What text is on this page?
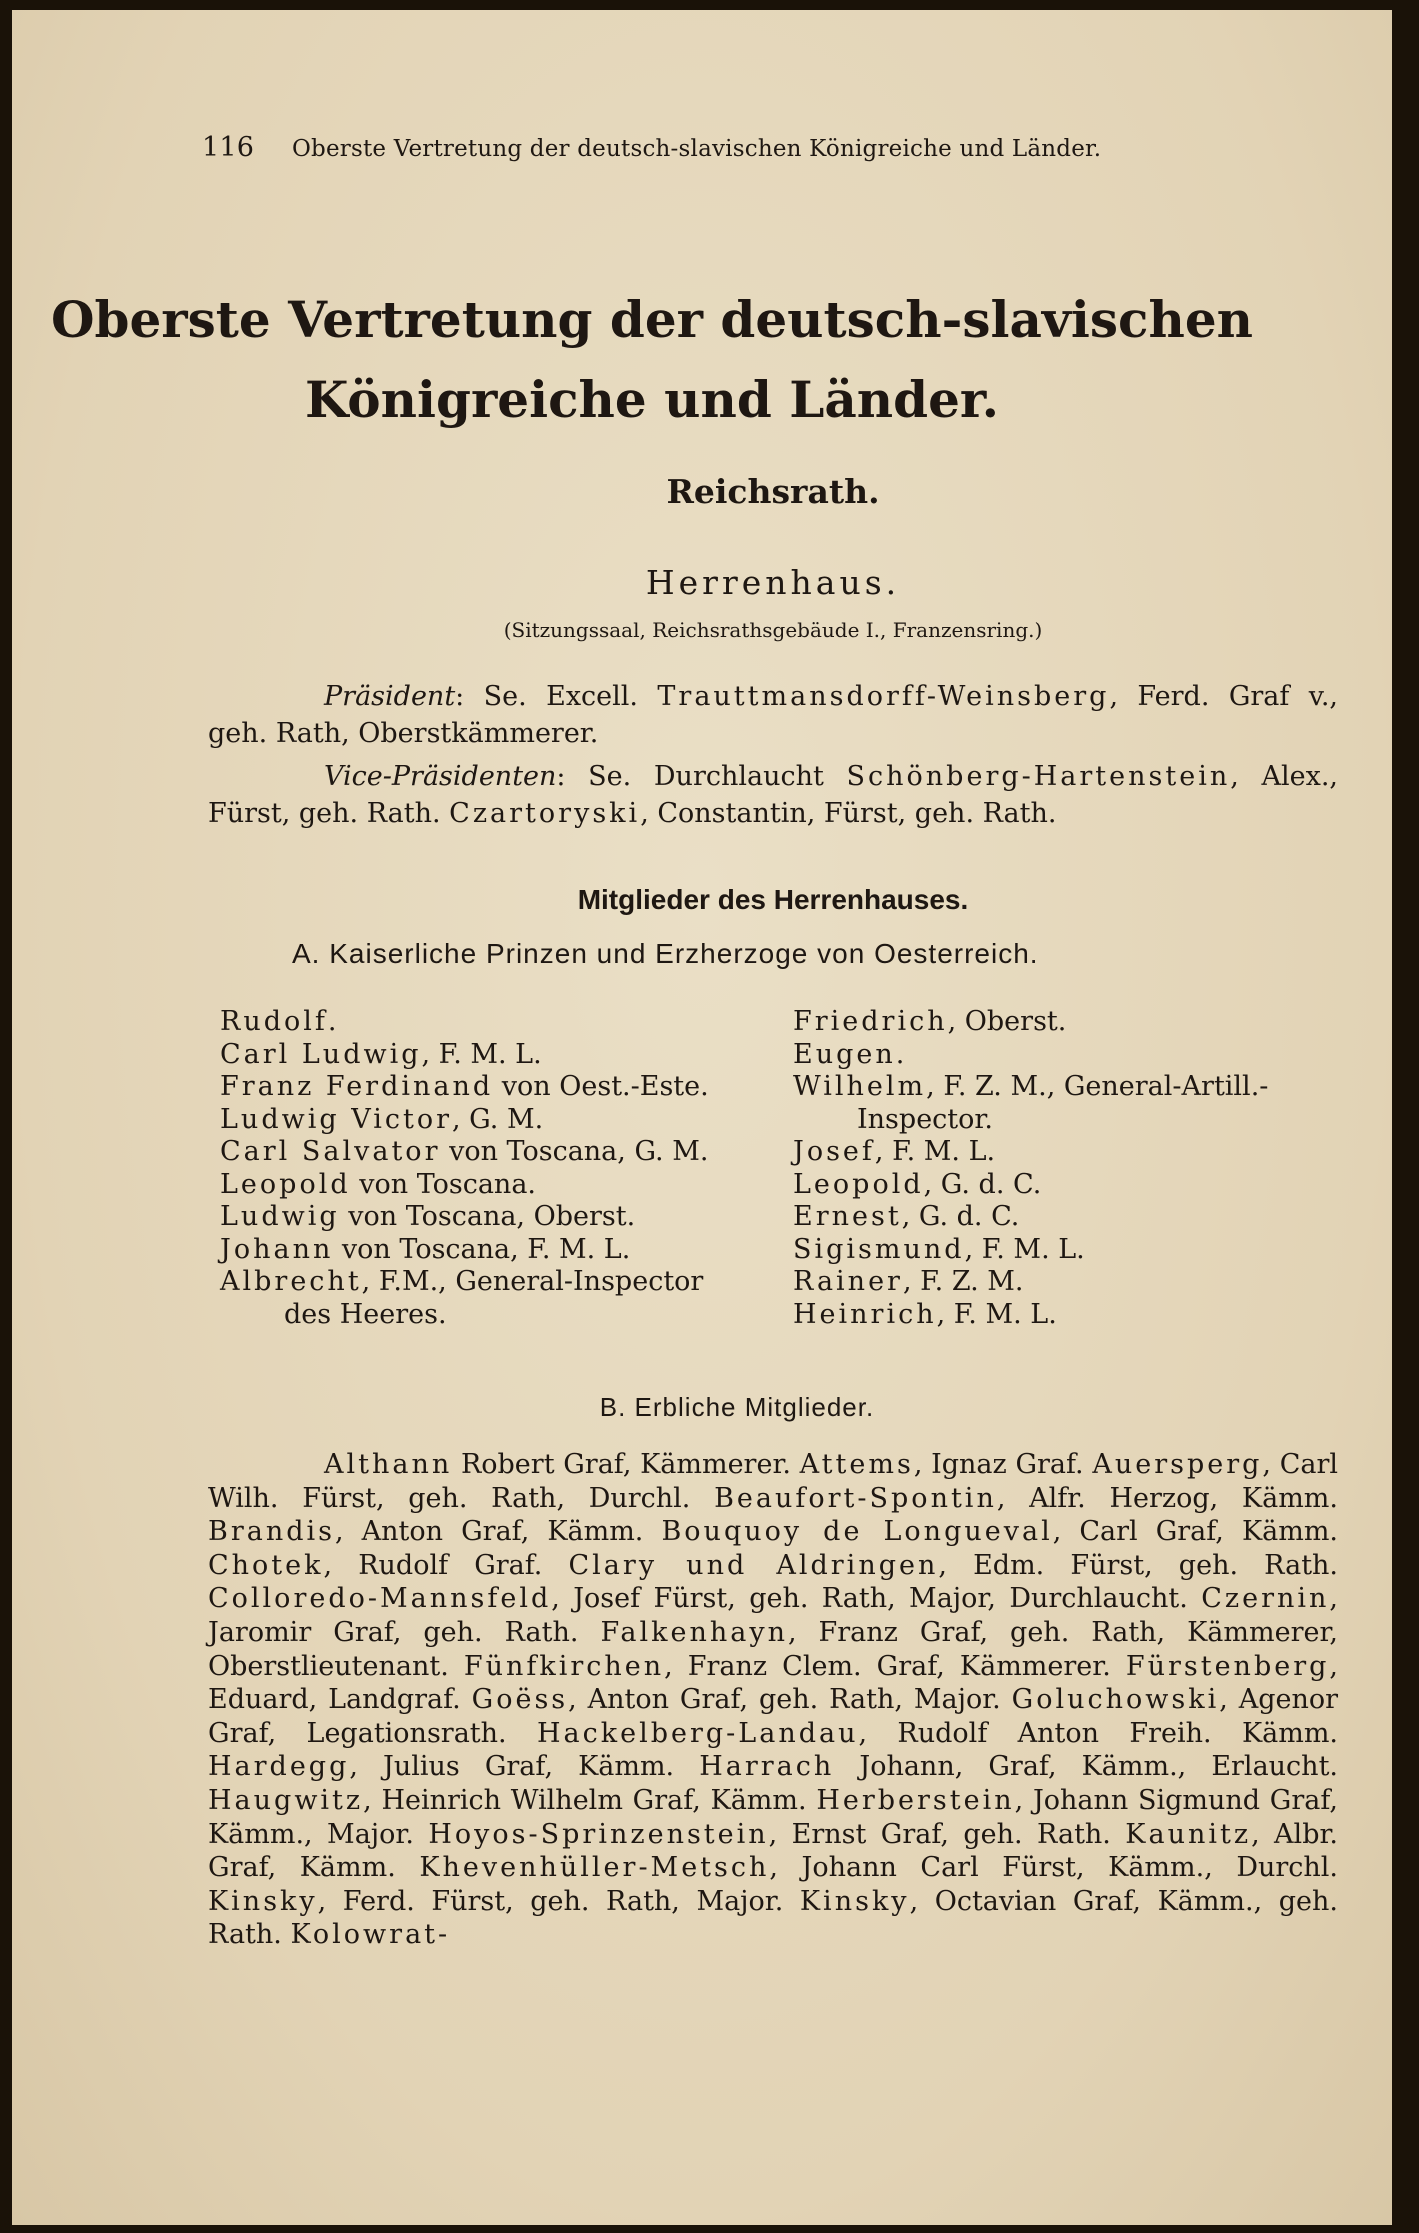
116 Oberste Vertretung der deutsch-slavischen Königreiche und Länder.
Oberste Vertretung der deutsch-slavischen
Königreiche und Länder.
Reichsrath.
Herrenhaus.
(Sitzungssaal, Reichsrathsgebäude I., Franzensring.)
Präsident: Se. Excell. Trauttmansdorff-Weinsberg, Ferd. Graf v., geh. Rath, Oberstkämmerer.
Vice-Präsidenten: Se. Durchlaucht Schönberg-Hartenstein, Alex., Fürst, geh. Rath. Czartoryski, Constantin, Fürst, geh. Rath.
Mitglieder des Herrenhauses.
A. Kaiserliche Prinzen und Erzherzoge von Oesterreich.
Rudolf.
Carl Ludwig, F. M. L.
Franz Ferdinand von Oest.-Este.
Ludwig Victor, G. M.
Carl Salvator von Toscana, G. M.
Leopold von Toscana.
Ludwig von Toscana, Oberst.
Johann von Toscana, F. M. L.
Albrecht, F.M., General-Inspector
des Heeres.
Friedrich, Oberst.
Eugen.
Wilhelm, F. Z. M., General-Artill.-
Inspector.
Josef, F. M. L.
Leopold, G. d. C.
Ernest, G. d. C.
Sigismund, F. M. L.
Rainer, F. Z. M.
Heinrich, F. M. L.
B. Erbliche Mitglieder.
Althann Robert Graf, Kämmerer. Attems, Ignaz Graf. Auersperg, Carl Wilh. Fürst, geh. Rath, Durchl. Beaufort-Spontin, Alfr. Herzog, Kämm. Brandis, Anton Graf, Kämm. Bouquoy de Longueval, Carl Graf, Kämm. Chotek, Rudolf Graf. Clary und Aldringen, Edm. Fürst, geh. Rath. Colloredo-Mannsfeld, Josef Fürst, geh. Rath, Major, Durchlaucht. Czernin, Jaromir Graf, geh. Rath. Falkenhayn, Franz Graf, geh. Rath, Kämmerer, Oberstlieutenant. Fünfkirchen, Franz Clem. Graf, Kämmerer. Fürstenberg, Eduard, Landgraf. Goëss, Anton Graf, geh. Rath, Major. Goluchowski, Agenor Graf, Legationsrath. Hackelberg-Landau, Rudolf Anton Freih. Kämm. Hardegg, Julius Graf, Kämm. Harrach Johann, Graf, Kämm., Erlaucht. Haugwitz, Heinrich Wilhelm Graf, Kämm. Herberstein, Johann Sigmund Graf, Kämm., Major. Hoyos-Sprinzenstein, Ernst Graf, geh. Rath. Kaunitz, Albr. Graf, Kämm. Khevenhüller-Metsch, Johann Carl Fürst, Kämm., Durchl. Kinsky, Ferd. Fürst, geh. Rath, Major. Kinsky, Octavian Graf, Kämm., geh. Rath. Kolowrat-
